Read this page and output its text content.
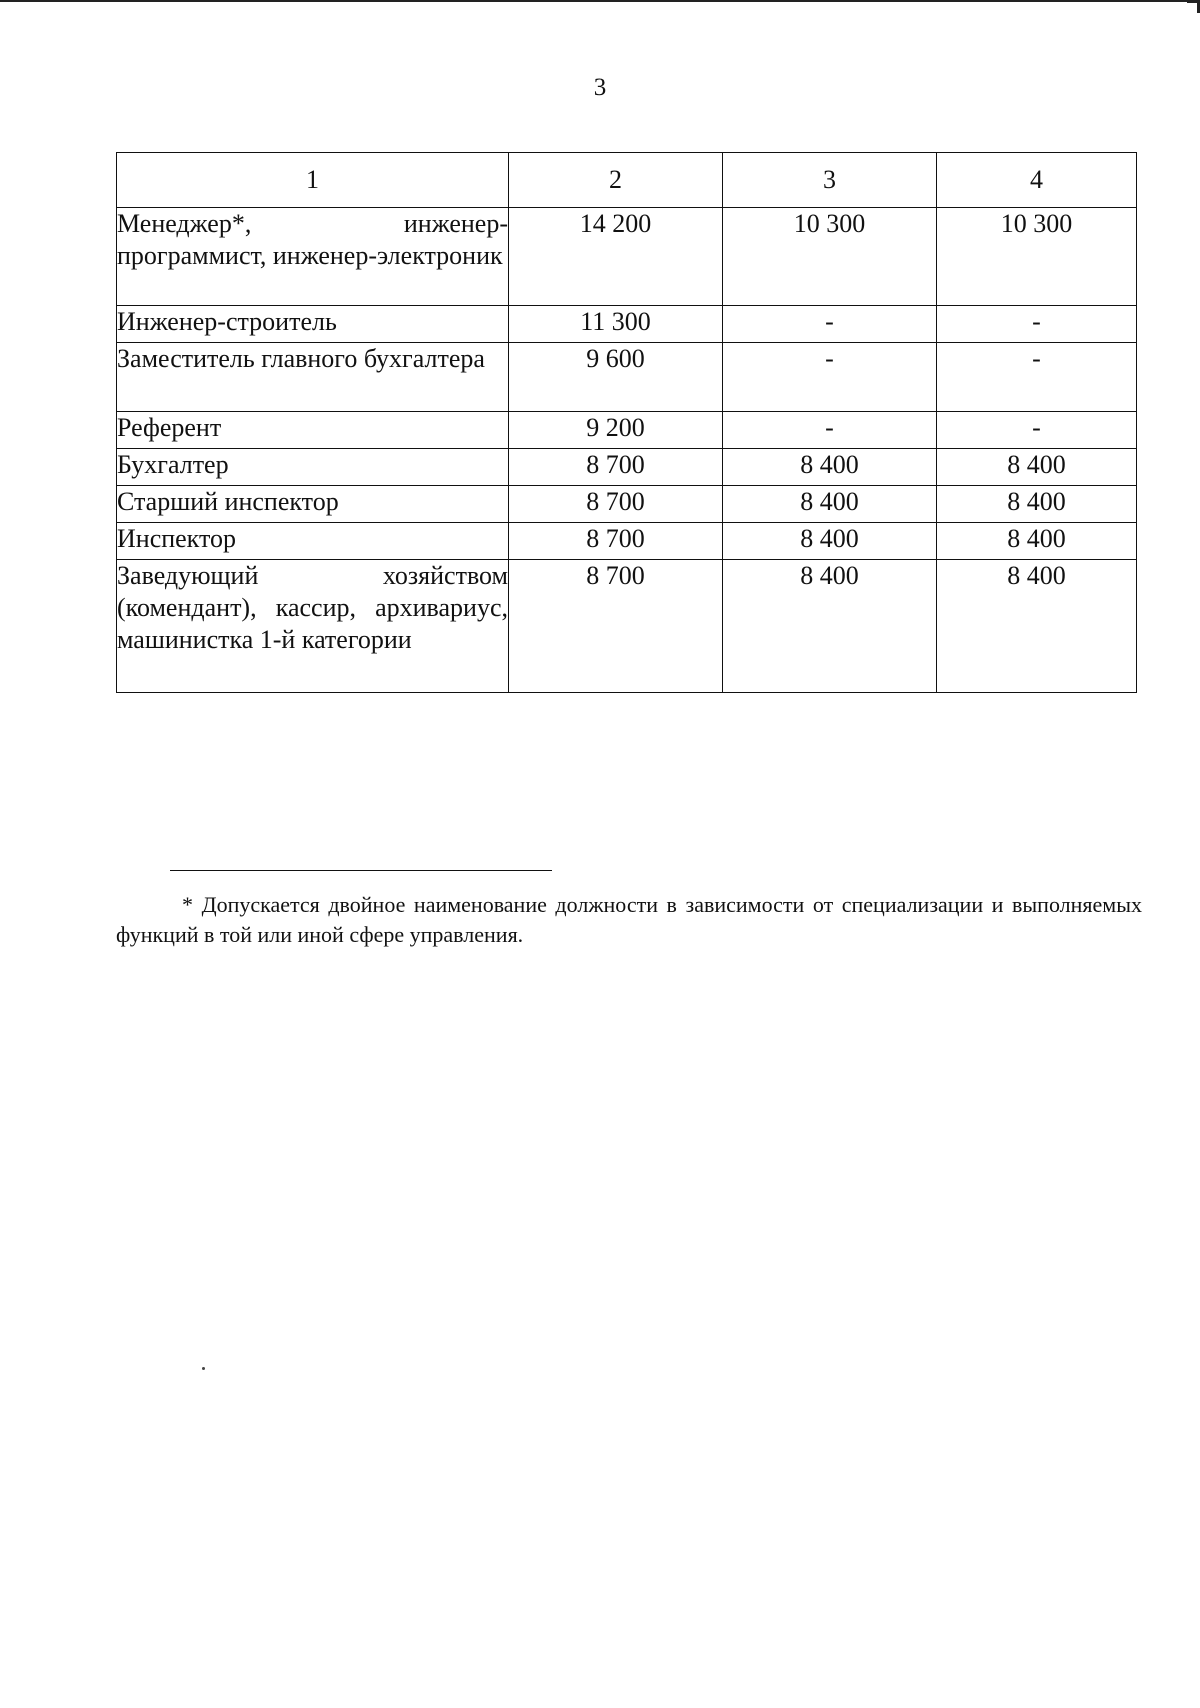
3
1	2	3	4
Менеджер*, инженер-программист, инженер-электроник	14 200	10 300	10 300
Инженер-строитель	11 300	-	-
Заместитель главного бухгалтера	9 600	-	-
Референт	9 200	-	-
Бухгалтер	8 700	8 400	8 400
Старший инспектор	8 700	8 400	8 400
Инспектор	8 700	8 400	8 400
Заведующий хозяйством (комендант), кассир, архивариус, машинистка 1-й категории	8 700	8 400	8 400
* Допускается двойное наименование должности в зависимости от специализации и выполняемых функций в той или иной сфере управления.
